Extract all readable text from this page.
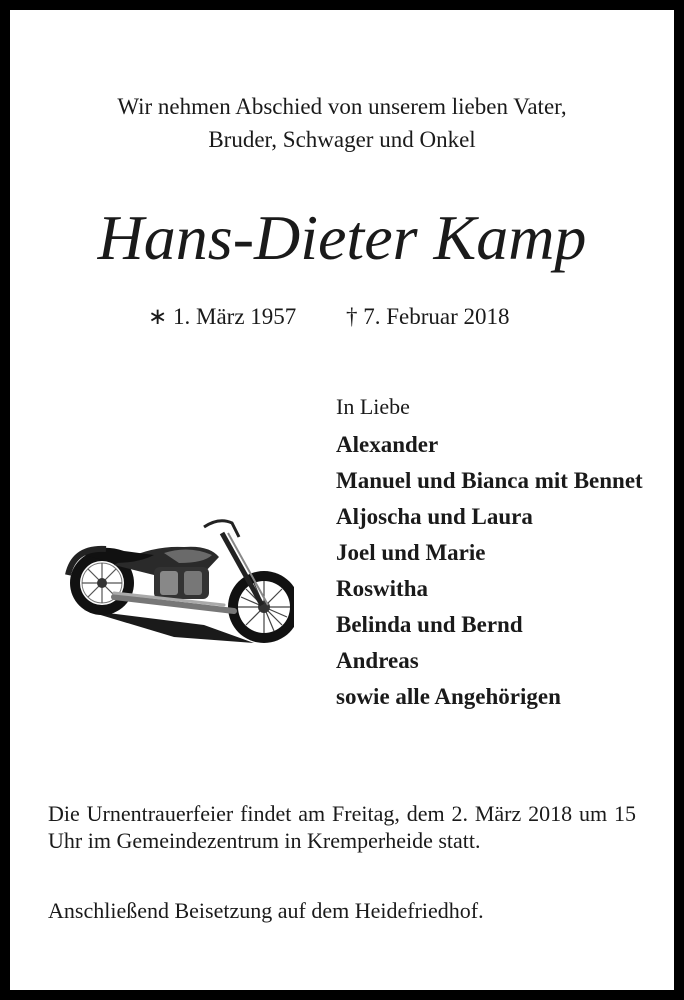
Wir nehmen Abschied von unserem lieben Vater,
Bruder, Schwager und Onkel
Hans-Dieter Kamp
∗ 1. März 1957 † 7. Februar 2018
In Liebe
Alexander
Manuel und Bianca mit Bennet
Aljoscha und Laura
Joel und Marie
Roswitha
Belinda und Bernd
Andreas
sowie alle Angehörigen
Die Urnentrauerfeier findet am Freitag, dem 2. März 2018 um 15 Uhr im Gemeindezentrum in Kremperheide statt.
Anschließend Beisetzung auf dem Heidefriedhof.
